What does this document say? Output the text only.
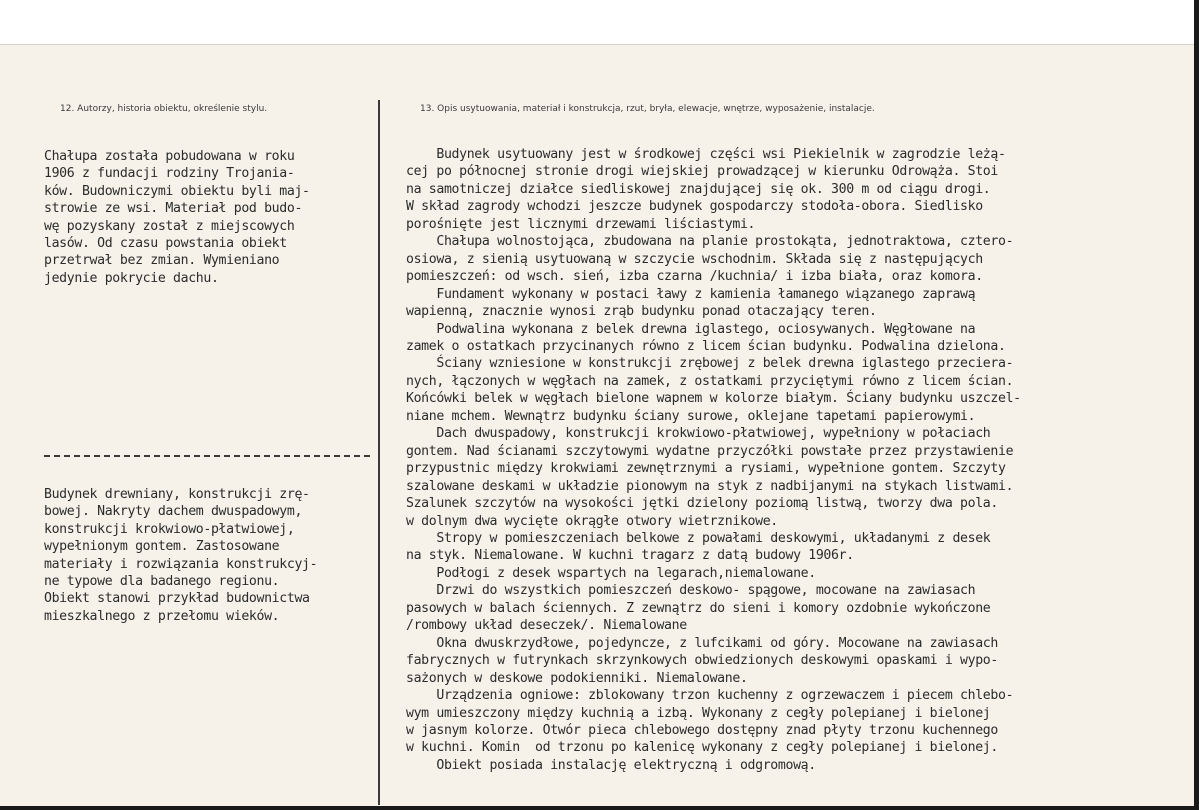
12. Autorzy, historia obiektu, określenie stylu.	13. Opis usytuowania, materiał i konstrukcja, rzut, bryła, elewacje, wnętrze, wyposażenie, instalacje.
Chałupa została pobudowana w roku
1906 z fundacji rodziny Trojania-
ków. Budowniczymi obiektu byli maj-
strowie ze wsi. Materiał pod budo-
wę pozyskany został z miejscowych
lasów. Od czasu powstania obiekt
przetrwał bez zmian. Wymieniano
jedynie pokrycie dachu.
Budynek drewniany, konstrukcji zrę-
bowej. Nakryty dachem dwuspadowym,
konstrukcji krokwiowo-płatwiowej,
wypełnionym gontem. Zastosowane
materiały i rozwiązania konstrukcyj-
ne typowe dla badanego regionu.
Obiekt stanowi przykład budownictwa
mieszkalnego z przełomu wieków.
Budynek usytuowany jest w środkowej części wsi Piekielnik w zagrodzie leżą-
cej po północnej stronie drogi wiejskiej prowadzącej w kierunku Odrowąża. Stoi
na samotniczej działce siedliskowej znajdującej się ok. 300 m od ciągu drogi.
W skład zagrody wchodzi jeszcze budynek gospodarczy stodoła-obora. Siedlisko
porośnięte jest licznymi drzewami liściastymi.
Chałupa wolnostojąca, zbudowana na planie prostokąta, jednotraktowa, cztero-
osiowa, z sienią usytuowaną w szczycie wschodnim. Składa się z następujących
pomieszczeń: od wsch. sień, izba czarna /kuchnia/ i izba biała, oraz komora.
Fundament wykonany w postaci ławy z kamienia łamanego wiązanego zaprawą
wapienną, znacznie wynosi zrąb budynku ponad otaczający teren.
Podwalina wykonana z belek drewna iglastego, ociosywanych. Węgłowane na
zamek o ostatkach przycinanych równo z licem ścian budynku. Podwalina dzielona.
Ściany wzniesione w konstrukcji zrębowej z belek drewna iglastego przeciera-
nych, łączonych w węgłach na zamek, z ostatkami przyciętymi równo z licem ścian.
Końcówki belek w węgłach bielone wapnem w kolorze białym. Ściany budynku uszczel-
niane mchem. Wewnątrz budynku ściany surowe, oklejane tapetami papierowymi.
Dach dwuspadowy, konstrukcji krokwiowo-płatwiowej, wypełniony w połaciach
gontem. Nad ścianami szczytowymi wydatne przyczółki powstałe przez przystawienie
przypustnic między krokwiami zewnętrznymi a rysiami, wypełnione gontem. Szczyty
szalowane deskami w układzie pionowym na styk z nadbijanymi na stykach listwami.
Szalunek szczytów na wysokości jętki dzielony poziomą listwą, tworzy dwa pola.
w dolnym dwa wycięte okrągłe otwory wietrznikowe.
Stropy w pomieszczeniach belkowe z powałami deskowymi, układanymi z desek
na styk. Niemalowane. W kuchni tragarz z datą budowy 1906r.
Podłogi z desek wspartych na legarach,niemalowane.
Drzwi do wszystkich pomieszczeń deskowo- spągowe, mocowane na zawiasach
pasowych w balach ściennych. Z zewnątrz do sieni i komory ozdobnie wykończone
/rombowy układ deseczek/. Niemalowane
Okna dwuskrzydłowe, pojedyncze, z lufcikami od góry. Mocowane na zawiasach
fabrycznych w futrynkach skrzynkowych obwiedzionych deskowymi opaskami i wypo-
sażonych w deskowe podokienniki. Niemalowane.
Urządzenia ogniowe: zblokowany trzon kuchenny z ogrzewaczem i piecem chlebo-
wym umieszczony między kuchnią a izbą. Wykonany z cegły polepianej i bielonej
w jasnym kolorze. Otwór pieca chlebowego dostępny znad płyty trzonu kuchennego
w kuchni. Komin  od trzonu po kalenicę wykonany z cegły polepianej i bielonej.
Obiekt posiada instalację elektryczną i odgromową.
